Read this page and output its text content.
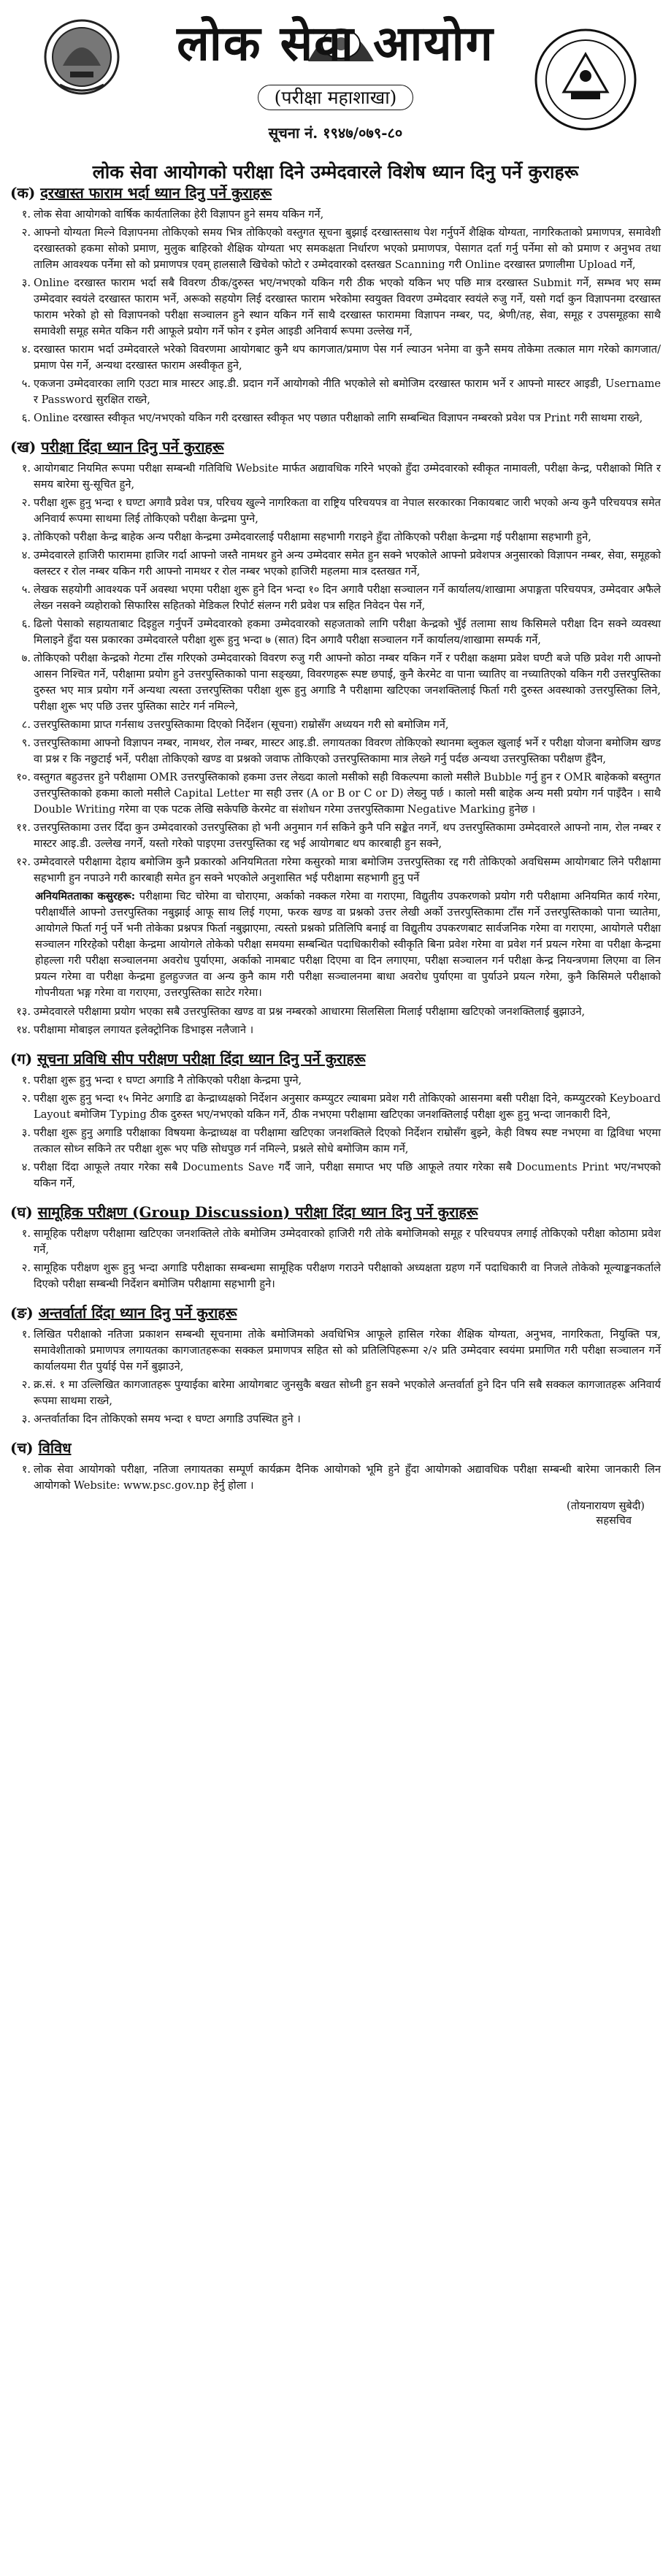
लोक सेवा आयोग
(परीक्षा महाशाखा)
सूचना नं. १९४७/०७९-८०
लोक सेवा आयोगको परीक्षा दिने उम्मेदवारले विशेष ध्यान दिनु पर्ने कुराहरू
(क) दरखास्त फाराम भर्दा ध्यान दिनु पर्ने कुराहरू
१. लोक सेवा आयोगको वार्षिक कार्यतालिका हेरी विज्ञापन हुने समय यकिन गर्ने,
२. आफ्नो योग्यता मिल्ने विज्ञापनमा तोकिएको समय भित्र तोकिएको वस्तुगत सूचना बुझाई दरखास्तसाथ पेश गर्नुपर्ने शैक्षिक योग्यता, नागरिकताको प्रमाणपत्र, समावेशी दरखास्तको हकमा सोको प्रमाण, मुलुक बाहिरको शैक्षिक योग्यता भए समकक्षता निर्धारण भएको प्रमाणपत्र, पेसागत दर्ता गर्नु पर्नेमा सो को प्रमाण र अनुभव तथा तालिम आवश्यक पर्नेमा सो को प्रमाणपत्र एवम् हालसालै खिचेको फोटो र उम्मेदवारको दस्तखत Scanning गरी Online दरखास्त प्रणालीमा Upload गर्ने,
३. Online दरखास्त फाराम भर्दा सबै विवरण ठीक/दुरुस्त भए/नभएको यकिन गरी ठीक भएको यकिन भए पछि मात्र दरखास्त Submit गर्ने, सम्भव भए सम्म उम्मेदवार स्वयंले दरखास्त फाराम भर्ने, अरूको सहयोग लिई दरखास्त फाराम भरेकोमा स्वयुक्त विवरण उम्मेदवार स्वयंले रुजु गर्ने, यसो गर्दा कुन विज्ञापनमा दरखास्त फाराम भरेको हो सो विज्ञापनको परीक्षा सञ्चालन हुने स्थान यकिन गर्ने साथै दरखास्त फाराममा विज्ञापन नम्बर, पद, श्रेणी/तह, सेवा, समूह र उपसमूहका साथै समावेशी समूह समेत यकिन गरी आफूले प्रयोग गर्ने फोन र इमेल आइडी अनिवार्य रूपमा उल्लेख गर्ने,
४. दरखास्त फाराम भर्दा उम्मेदवारले भरेको विवरणमा आयोगबाट कुनै थप कागजात/प्रमाण पेस गर्न ल्याउन भनेमा वा कुनै समय तोकेमा तत्काल माग गरेको कागजात/प्रमाण पेस गर्ने, अन्यथा दरखास्त फाराम अस्वीकृत हुने,
५. एकजना उम्मेदवारका लागि एउटा मात्र मास्टर आइ.डी. प्रदान गर्ने आयोगको नीति भएकोले सो बमोजिम दरखास्त फाराम भर्ने र आफ्नो मास्टर आइडी, Username र Password सुरक्षित राख्ने,
६. Online दरखास्त स्वीकृत भए/नभएको यकिन गरी दरखास्त स्वीकृत भए पछात परीक्षाको लागि सम्बन्धित विज्ञापन नम्बरको प्रवेश पत्र Print गरी साथमा राख्ने,
(ख) परीक्षा दिंदा ध्यान दिनु पर्ने कुराहरू
१. आयोगबाट नियमित रूपमा परीक्षा सम्बन्धी गतिविधि Website मार्फत अद्यावधिक गरिने भएको हुँदा उम्मेदवारको स्वीकृत नामावली, परीक्षा केन्द्र, परीक्षाको मिति र समय बारेमा सु-सूचित हुने,
२. परीक्षा शुरू हुनु भन्दा १ घण्टा अगावै प्रवेश पत्र, परिचय खुल्ने नागरिकता वा राष्ट्रिय परिचयपत्र वा नेपाल सरकारका निकायबाट जारी भएको अन्य कुनै परिचयपत्र समेत अनिवार्य रूपमा साथमा लिई तोकिएको परीक्षा केन्द्रमा पुग्ने,
३. तोकिएको परीक्षा केन्द्र बाहेक अन्य परीक्षा केन्द्रमा उम्मेदवारलाई परीक्षामा सहभागी गराइने हुँदा तोकिएको परीक्षा केन्द्रमा गई परीक्षामा सहभागी हुने,
४. उम्मेदवारले हाजिरी फाराममा हाजिर गर्दा आफ्नो जस्तै नामथर हुने अन्य उम्मेदवार समेत हुन सक्ने भएकोले आफ्नो प्रवेशपत्र अनुसारको विज्ञापन नम्बर, सेवा, समूहको क्लस्टर र रोल नम्बर यकिन गरी आफ्नो नामथर र रोल नम्बर भएको हाजिरी महलमा मात्र दस्तखत गर्ने,
५. लेखक सहयोगी आवश्यक पर्ने अवस्था भएमा परीक्षा शुरू हुने दिन भन्दा १० दिन अगावै परीक्षा सञ्चालन गर्ने कार्यालय/शाखामा अपाङ्गता परिचयपत्र, उम्मेदवार अफैले लेख्न नसक्ने व्यहोराको सिफारिस सहितको मेडिकल रिपोर्ट संलग्न गरी प्रवेश पत्र सहित निवेदन पेस गर्ने,
६. ढिलो पेसाको सहायताबाट दिइहुल गर्नुपर्ने उम्मेदवारको हकमा उम्मेदवारको सहजताको लागि परीक्षा केन्द्रको भुँई तलामा साथ किसिमले परीक्षा दिन सक्ने व्यवस्था मिलाइने हुँदा यस प्रकारका उम्मेदवारले परीक्षा शुरू हुनु भन्दा ७ (सात) दिन अगावै परीक्षा सञ्चालन गर्ने कार्यालय/शाखामा सम्पर्क गर्ने,
७. तोकिएको परीक्षा केन्द्रको गेटमा टाँस गरिएको उम्मेदवारको विवरण रुजु गरी आफ्नो कोठा नम्बर यकिन गर्ने र परीक्षा कक्षमा प्रवेश घण्टी बजे पछि प्रवेश गरी आफ्नो आसन निश्चित गर्ने, परीक्षामा प्रयोग हुने उत्तरपुस्तिकाको पाना सङ्ख्या, विवरणहरू स्पष्ट छपाई, कुनै केरमेट वा पाना च्यातिए वा नच्यातिएको यकिन गरी उत्तरपुस्तिका दुरुस्त भए मात्र प्रयोग गर्ने अन्यथा त्यस्ता उत्तरपुस्तिका परीक्षा शुरू हुनु अगाडि नै परीक्षामा खटिएका जनशक्तिलाई फिर्ता गरी दुरुस्त अवस्थाको उत्तरपुस्तिका लिने, परीक्षा शुरू भए पछि उत्तर पुस्तिका साटेर गर्न नमिल्ने,
८. उत्तरपुस्तिकामा प्राप्त गर्नसाथ उत्तरपुस्तिकामा दिएको निर्देशन (सूचना) राम्रोसँग अध्ययन गरी सो बमोजिम गर्ने,
९. उत्तरपुस्तिकामा आफ्नो विज्ञापन नम्बर, नामथर, रोल नम्बर, मास्टर आइ.डी. लगायतका विवरण तोकिएको स्थानमा ब्लुकल खुलाई भर्ने र परीक्षा योजना बमोजिम खण्ड वा प्रश्न र कि नछुटाई भर्ने, परीक्षा तोकिएको खण्ड वा प्रश्नको जवाफ तोकिएको उत्तरपुस्तिकामा मात्र लेख्ने गर्नु पर्दछ अन्यथा उत्तरपुस्तिका परीक्षण हुँदैन,
१०. वस्तुगत बहुउत्तर हुने परीक्षामा OMR उत्तरपुस्तिकाको हकमा उत्तर लेख्दा कालो मसीको सही विकल्पमा कालो मसीले Bubble गर्नु हुन र OMR बाहेकको बस्तुगत उत्तरपुस्तिकाको हकमा कालो मसीले Capital Letter मा सही उत्तर (A or B or C or D) लेख्नु पर्छ । कालो मसी बाहेक अन्य मसी प्रयोग गर्न पाइँदैन । साथै Double Writing गरेमा वा एक पटक लेखि सकेपछि केरमेट वा संशोधन गरेमा उत्तरपुस्तिकामा Negative Marking हुनेछ ।
११. उत्तरपुस्तिकामा उत्तर दिँदा कुन उम्मेदवारको उत्तरपुस्तिका हो भनी अनुमान गर्न सकिने कुनै पनि सङ्केत नगर्ने, थप उत्तरपुस्तिकामा उम्मेदवारले आफ्नो नाम, रोल नम्बर र मास्टर आइ.डी. उल्लेख नगर्ने, यस्तो गरेको पाइएमा उत्तरपुस्तिका रद्द भई आयोगबाट थप कारबाही हुन सक्ने,
१२. उम्मेदवारले परीक्षामा देहाय बमोजिम कुनै प्रकारको अनियमितता गरेमा कसुरको मात्रा बमोजिम उत्तरपुस्तिका रद्द गरी तोकिएको अवधिसम्म आयोगबाट लिने परीक्षामा सहभागी हुन नपाउने गरी कारबाही समेत हुन सक्ने भएकोले अनुशासित भई परीक्षामा सहभागी हुनु पर्ने
अनियमितताका कसुरहरू: परीक्षामा चिट चोरेमा वा चोराएमा, अर्काको नक्कल गरेमा वा गराएमा, विद्युतीय उपकरणको प्रयोग गरी परीक्षामा अनियमित कार्य गरेमा, परीक्षार्थीले आफ्नो उत्तरपुस्तिका नबुझाई आफू साथ लिई गएमा, फरक खण्ड वा प्रश्नको उत्तर लेखी अर्को उत्तरपुस्तिकामा टाँस गर्ने उत्तरपुस्तिकाको पाना च्यातेमा, आयोगले फिर्ता गर्नु पर्ने भनी तोकेका प्रश्नपत्र फिर्ता नबुझाएमा, त्यस्तो प्रश्नको प्रतिलिपि बनाई वा विद्युतीय उपकरणबाट सार्वजनिक गरेमा वा गराएमा, आयोगले परीक्षा सञ्चालन गरिरहेको परीक्षा केन्द्रमा आयोगले तोकेको परीक्षा समयमा सम्बन्धित पदाधिकारीको स्वीकृति बिना प्रवेश गरेमा वा प्रवेश गर्न प्रयत्न गरेमा वा परीक्षा केन्द्रमा होहल्ला गरी परीक्षा सञ्चालनमा अवरोध पुर्याएमा, अर्काको नामबाट परीक्षा दिएमा वा दिन लगाएमा, परीक्षा सञ्चालन गर्न परीक्षा केन्द्र नियन्त्रणमा लिएमा वा लिन प्रयत्न गरेमा वा परीक्षा केन्द्रमा हुलहुज्जत वा अन्य कुनै काम गरी परीक्षा सञ्चालनमा बाधा अवरोध पुर्याएमा वा पुर्याउने प्रयत्न गरेमा, कुनै किसिमले परीक्षाको गोपनीयता भङ्ग गरेमा वा गराएमा, उत्तरपुस्तिका साटेर गरेमा।
१३. उम्मेदवारले परीक्षामा प्रयोग भएका सबै उत्तरपुस्तिका खण्ड वा प्रश्न नम्बरको आधारमा सिलसिला मिलाई परीक्षामा खटिएको जनशक्तिलाई बुझाउने,
१४. परीक्षामा मोबाइल लगायत इलेक्ट्रोनिक डिभाइस नलैजाने ।
(ग) सूचना प्रविधि सीप परीक्षण परीक्षा दिंदा ध्यान दिनु पर्ने कुराहरू
१. परीक्षा शुरू हुनु भन्दा १ घण्टा अगाडि नै तोकिएको परीक्षा केन्द्रमा पुग्ने,
२. परीक्षा शुरू हुनु भन्दा १५ मिनेट अगाडि ढा केन्द्राध्यक्षको निर्देशन अनुसार कम्प्युटर ल्याबमा प्रवेश गरी तोकिएको आसनमा बसी परीक्षा दिने, कम्प्युटरको Keyboard Layout बमोजिम Typing ठीक दुरुस्त भए/नभएको यकिन गर्ने, ठीक नभएमा परीक्षामा खटिएका जनशक्तिलाई परीक्षा शुरू हुनु भन्दा जानकारी दिने,
३. परीक्षा शुरू हुनु अगाडि परीक्षाका विषयमा केन्द्राध्यक्ष वा परीक्षामा खटिएका जनशक्तिले दिएको निर्देशन राम्रोसँग बुझ्ने, केही विषय स्पष्ट नभएमा वा द्विविधा भएमा तत्काल सोध्न सकिने तर परीक्षा शुरू भए पछि सोधपुछ गर्न नमिल्ने, प्रश्नले सोधे बमोजिम काम गर्ने,
४. परीक्षा दिंदा आफूले तयार गरेका सबै Documents Save गर्दै जाने, परीक्षा समाप्त भए पछि आफूले तयार गरेका सबै Documents Print भए/नभएको यकिन गर्ने,
(घ) सामूहिक परीक्षण (Group Discussion) परीक्षा दिंदा ध्यान दिनु पर्ने कुराहरू
१. सामूहिक परीक्षण परीक्षामा खटिएका जनशक्तिले तोके बमोजिम उम्मेदवारको हाजिरी गरी तोके बमोजिमको समूह र परिचयपत्र लगाई तोकिएको परीक्षा कोठामा प्रवेश गर्ने,
२. सामूहिक परीक्षण शुरू हुनु भन्दा अगाडि परीक्षाका सम्बन्धमा सामूहिक परीक्षण गराउने परीक्षाको अध्यक्षता ग्रहण गर्ने पदाधिकारी वा निजले तोकेको मूल्याङ्कनकर्ताले दिएको परीक्षा सम्बन्धी निर्देशन बमोजिम परीक्षामा सहभागी हुने।
(ङ) अन्तर्वार्ता दिंदा ध्यान दिनु पर्ने कुराहरू
१. लिखित परीक्षाको नतिजा प्रकाशन सम्बन्धी सूचनामा तोके बमोजिमको अवधिभित्र आफूले हासिल गरेका शैक्षिक योग्यता, अनुभव, नागरिकता, नियुक्ति पत्र, समावेशीताको प्रमाणपत्र लगायतका कागजातहरूका सक्कल प्रमाणपत्र सहित सो को प्रतिलिपिहरूमा २/२ प्रति उम्मेदवार स्वयंमा प्रमाणित गरी परीक्षा सञ्चालन गर्ने कार्यालयमा रीत पुर्याई पेस गर्ने बुझाउने,
२. क्र.सं. १ मा उल्लिखित कागजातहरू पुग्याईका बारेमा आयोगबाट जुनसुकै बखत सोध्नी हुन सक्ने भएकोले अन्तर्वार्ता हुने दिन पनि सबै सक्कल कागजातहरू अनिवार्य रूपमा साथमा राख्ने,
३. अन्तर्वार्ताका दिन तोकिएको समय भन्दा १ घण्टा अगाडि उपस्थित हुने ।
(च) विविध
१. लोक सेवा आयोगको परीक्षा, नतिजा लगायतका सम्पूर्ण कार्यक्रम दैनिक आयोगको भूमि हुने हुँदा आयोगको अद्यावधिक परीक्षा सम्बन्धी बारेमा जानकारी लिन आयोगको Website: www.psc.gov.np हेर्नु होला ।
(तोयनारायण सुबेदी)
सहसचिव
